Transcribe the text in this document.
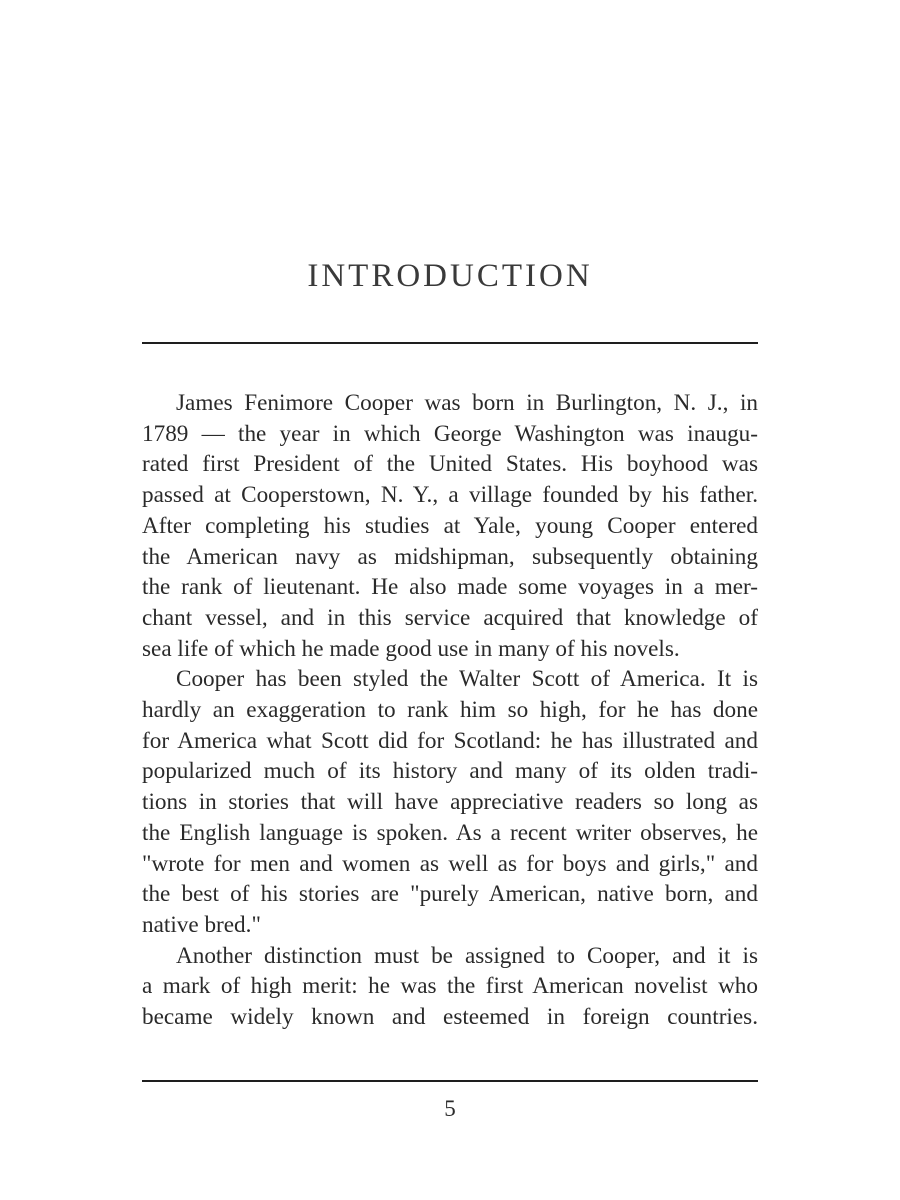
INTRODUCTION
James Fenimore Cooper was born in Burlington, N. J., in
1789 — the year in which George Washington was inaugu-
rated first President of the United States. His boyhood was
passed at Cooperstown, N. Y., a village founded by his father.
After completing his studies at Yale, young Cooper entered
the American navy as midshipman, subsequently obtaining
the rank of lieutenant. He also made some voyages in a mer-
chant vessel, and in this service acquired that knowledge of
sea life of which he made good use in many of his novels.
Cooper has been styled the Walter Scott of America. It is
hardly an exaggeration to rank him so high, for he has done
for America what Scott did for Scotland: he has illustrated and
popularized much of its history and many of its olden tradi-
tions in stories that will have appreciative readers so long as
the English language is spoken. As a recent writer observes, he
"wrote for men and women as well as for boys and girls," and
the best of his stories are "purely American, native born, and
native bred."
Another distinction must be assigned to Cooper, and it is
a mark of high merit: he was the first American novelist who
became widely known and esteemed in foreign countries.
5
